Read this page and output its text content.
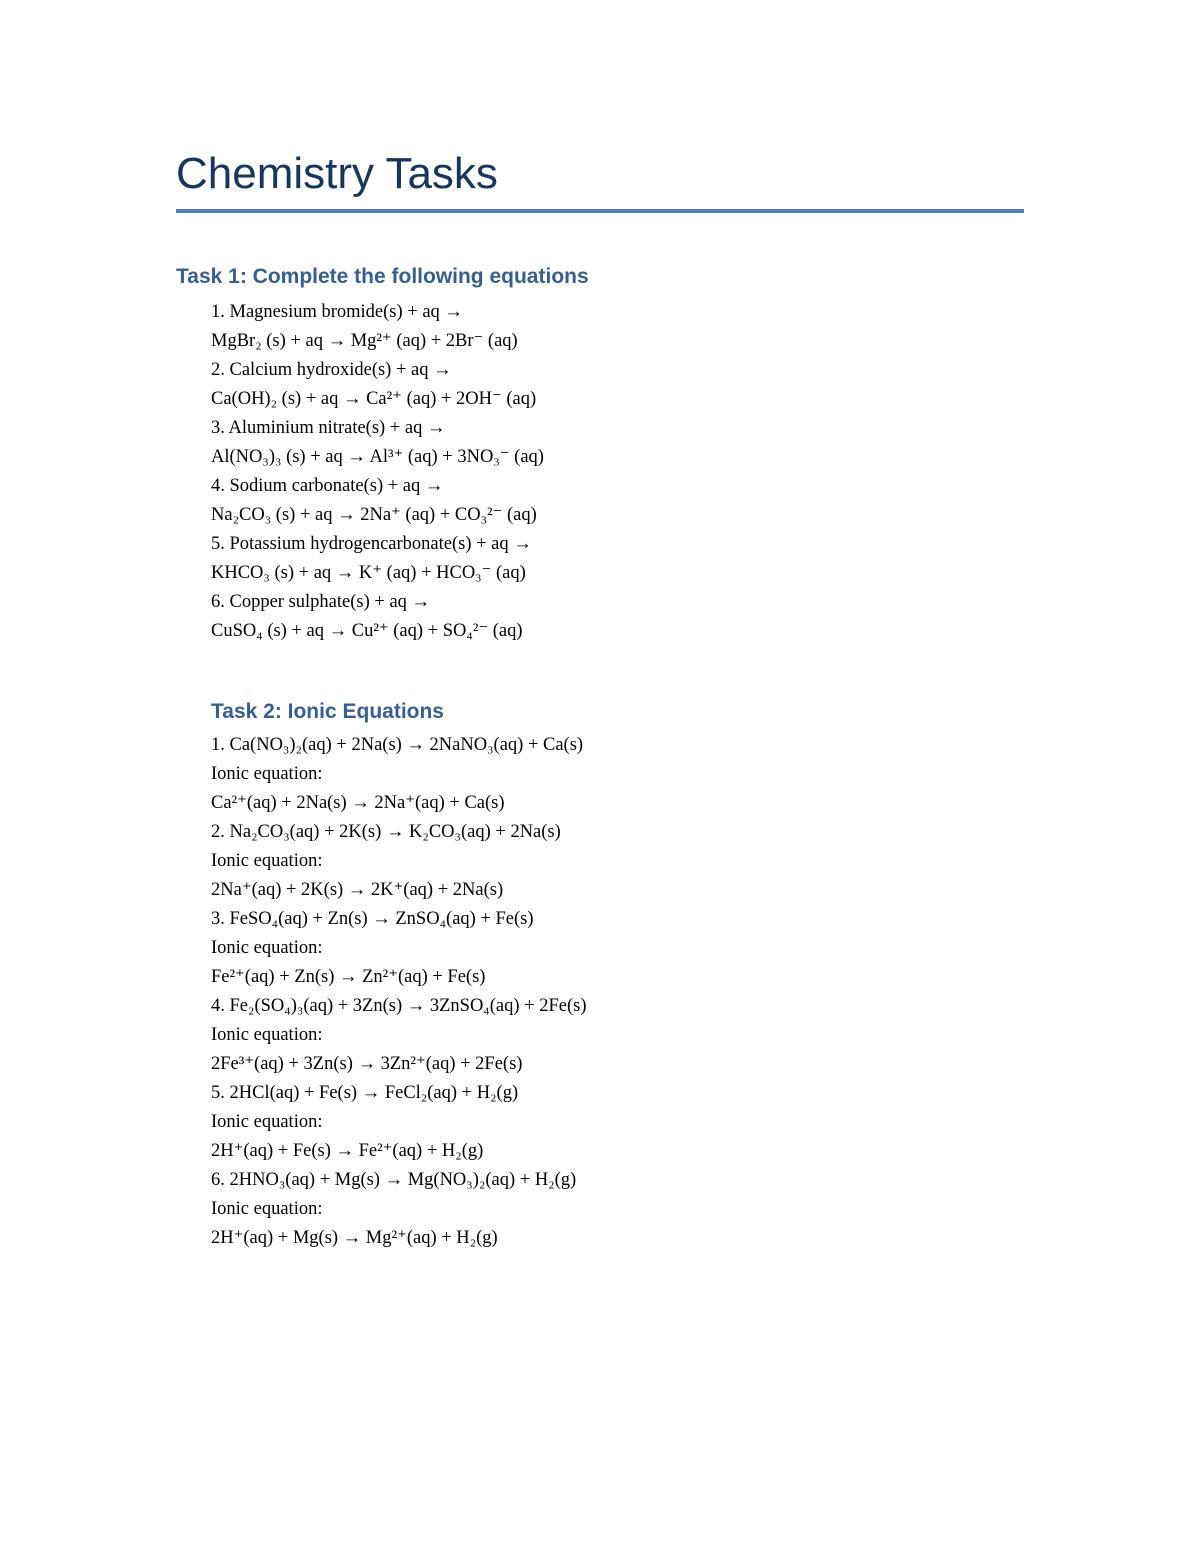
Chemistry Tasks
Task 1: Complete the following equations
1. Magnesium bromide(s) + aq →
MgBr₂ (s) + aq → Mg²⁺ (aq) + 2Br⁻ (aq)
2. Calcium hydroxide(s) + aq →
Ca(OH)₂ (s) + aq → Ca²⁺ (aq) + 2OH⁻ (aq)
3. Aluminium nitrate(s) + aq →
Al(NO₃)₃ (s) + aq → Al³⁺ (aq) + 3NO₃⁻ (aq)
4. Sodium carbonate(s) + aq →
Na₂CO₃ (s) + aq → 2Na⁺ (aq) + CO₃²⁻ (aq)
5. Potassium hydrogencarbonate(s) + aq →
KHCO₃ (s) + aq → K⁺ (aq) + HCO₃⁻ (aq)
6. Copper sulphate(s) + aq →
CuSO₄ (s) + aq → Cu²⁺ (aq) + SO₄²⁻ (aq)
Task 2: Ionic Equations
1. Ca(NO₃)₂(aq) + 2Na(s) → 2NaNO₃(aq) + Ca(s)
Ionic equation:
Ca²⁺(aq) + 2Na(s) → 2Na⁺(aq) + Ca(s)
2. Na₂CO₃(aq) + 2K(s) → K₂CO₃(aq) + 2Na(s)
Ionic equation:
2Na⁺(aq) + 2K(s) → 2K⁺(aq) + 2Na(s)
3. FeSO₄(aq) + Zn(s) → ZnSO₄(aq) + Fe(s)
Ionic equation:
Fe²⁺(aq) + Zn(s) → Zn²⁺(aq) + Fe(s)
4. Fe₂(SO₄)₃(aq) + 3Zn(s) → 3ZnSO₄(aq) + 2Fe(s)
Ionic equation:
2Fe³⁺(aq) + 3Zn(s) → 3Zn²⁺(aq) + 2Fe(s)
5. 2HCl(aq) + Fe(s) → FeCl₂(aq) + H₂(g)
Ionic equation:
2H⁺(aq) + Fe(s) → Fe²⁺(aq) + H₂(g)
6. 2HNO₃(aq) + Mg(s) → Mg(NO₃)₂(aq) + H₂(g)
Ionic equation:
2H⁺(aq) + Mg(s) → Mg²⁺(aq) + H₂(g)
